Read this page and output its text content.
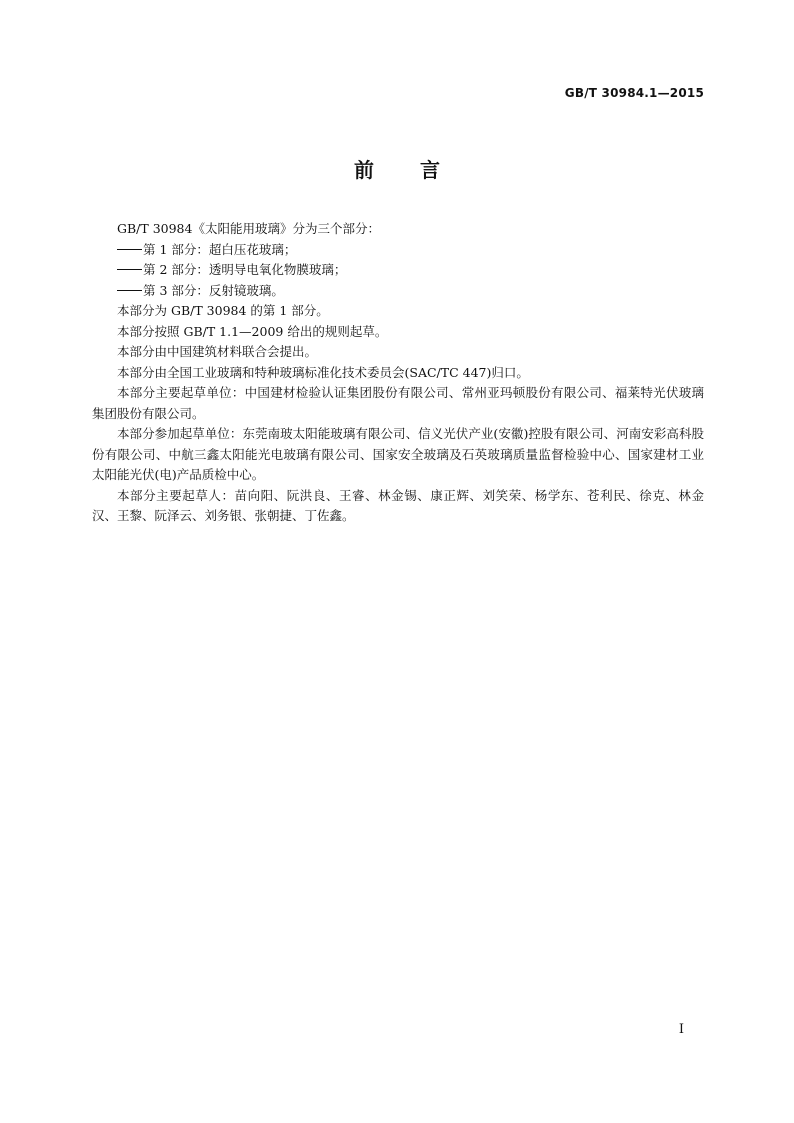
GB/T 30984.1—2015
前言

GB/T 30984《太阳能用玻璃》分为三个部分：

第 1 部分：超白压花玻璃；

第 2 部分：透明导电氧化物膜玻璃；

第 3 部分：反射镜玻璃。

本部分为 GB/T 30984 的第 1 部分。

本部分按照 GB/T 1.1—2009 给出的规则起草。

本部分由中国建筑材料联合会提出。

本部分由全国工业玻璃和特种玻璃标准化技术委员会(SAC/TC 447)归口。

本部分主要起草单位：中国建材检验认证集团股份有限公司、常州亚玛顿股份有限公司、福莱特光伏玻璃集团股份有限公司。

本部分参加起草单位：东莞南玻太阳能玻璃有限公司、信义光伏产业(安徽)控股有限公司、河南安彩高科股份有限公司、中航三鑫太阳能光电玻璃有限公司、国家安全玻璃及石英玻璃质量监督检验中心、国家建材工业太阳能光伏(电)产品质检中心。

本部分主要起草人：苗向阳、阮洪良、王睿、林金锡、康正辉、刘笑荣、杨学东、苍利民、徐克、林金汉、王黎、阮泽云、刘务银、张朝捷、丁佐鑫。

I
